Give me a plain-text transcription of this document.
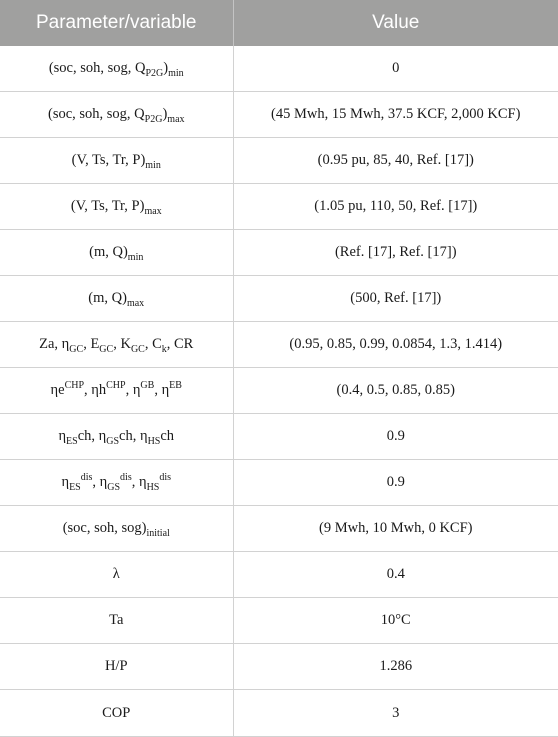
Parameter/variable	Value
(soc, soh, sog, $Q_{P2G})_{min}$	0
(soc, soh, sog, $Q_{P2G})_{max}$	(45 Mwh, 15 Mwh, 37.5 KCF, 2,000 KCF)
(V, Ts, Tr, $P)_{min}$	(0.95 pu, 85, 40, Ref. [17])
(V, Ts, Tr, $P)_{max}$	(1.05 pu, 110, 50, Ref. [17])
(m, $Q)_{min}$	(Ref. [17], Ref. [17])
(m, $Q)_{max}$	(500, Ref. [17])
Za, $\eta_{GC}$, $E_{GC}$, $K_{GC}$, $C_k$, CR	(0.95, 0.85, 0.99, 0.0854, 1.3, 1.414)
$\eta e^{CHP}$, $\eta h^{CHP}$, $\eta^{GB}$, $\eta^{EB}$	(0.4, 0.5, 0.85, 0.85)
$\eta_{ES}ch$, $\eta_{GS}ch$, $\eta_{HS}ch$	0.9
$\eta_{ES}^{dis}$, $\eta_{GS}^{dis}$, $\eta_{HS}^{dis}$	0.9
(soc, soh, $sog)_{initial}$	(9 Mwh, 10 Mwh, 0 KCF)
λ	0.4
Ta	10°C
H/P	1.286
COP	3
